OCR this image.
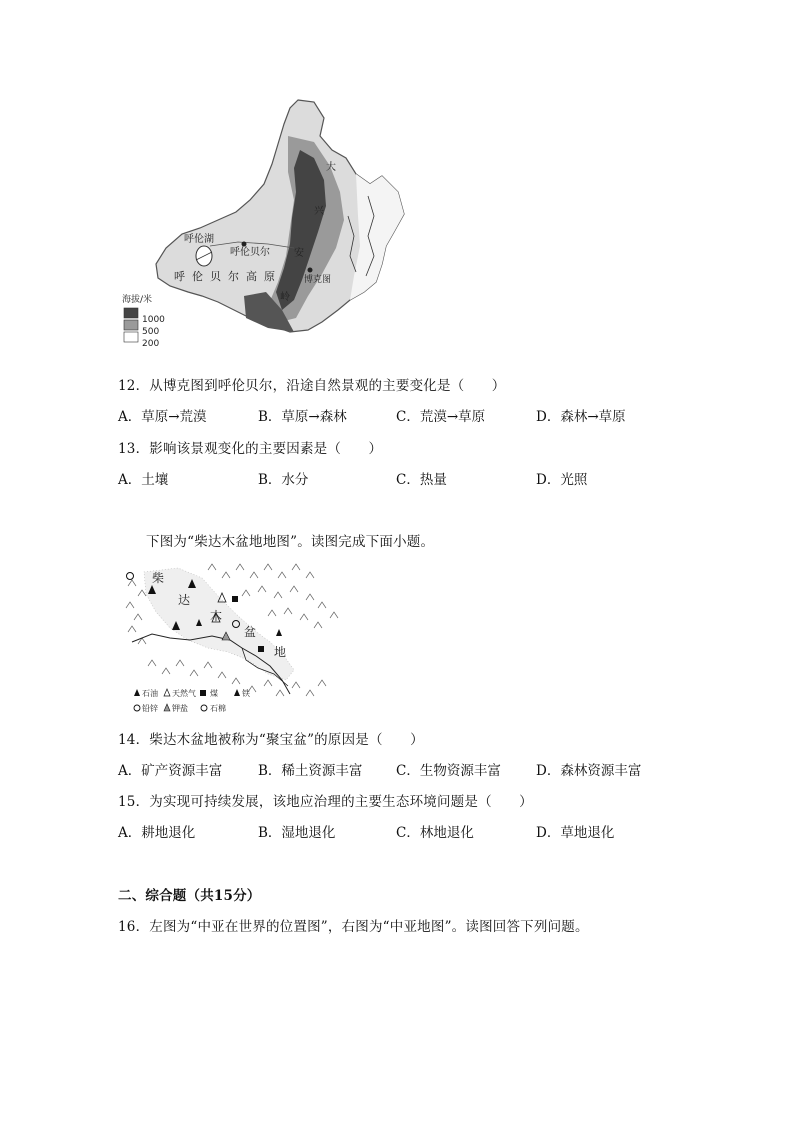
呼伦湖
呼伦贝尔
呼伦贝尔高原
大
兴
安
岭
博克图
海拔/米
1000
500
200
12．从博克图到呼伦贝尔，沿途自然景观的主要变化是（　　）
A．草原→荒漠	B．草原→森林	C．荒漠→草原	D．森林→草原
13．影响该景观变化的主要因素是（　　）
A．土壤	B．水分	C．热量	D．光照
下图为“柴达木盆地地图”。读图完成下面小题。
柴
达
木
盆
地
石油 天然气 煤	铁
铅锌 钾盐	石棉
14．柴达木盆地被称为“聚宝盆”的原因是（　　）
A．矿产资源丰富	B．稀土资源丰富 C．生物资源丰富	D．森林资源丰富
15．为实现可持续发展，该地应治理的主要生态环境问题是（　　）
A．耕地退化	B．湿地退化	C．林地退化	D．草地退化
二、综合题（共15分）
16．左图为“中亚在世界的位置图”，右图为“中亚地图”。读图回答下列问题。
